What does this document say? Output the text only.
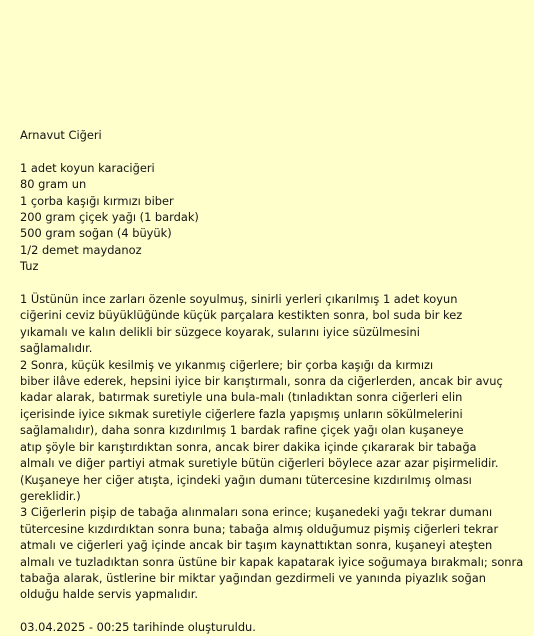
Arnavut Ciğeri
1 adet koyun karaciğeri
80 gram un
1 çorba kaşığı kırmızı biber
200 gram çiçek yağı (1 bardak)
500 gram soğan (4 büyük)
1/2 demet maydanoz
Tuz

1 Üstünün ince zarları özenle soyulmuş, sinirli yerleri çıkarılmış 1 adet koyun
ciğerini ceviz büyüklüğünde küçük parçalara kestikten sonra, bol suda bir kez
yıkamalı ve kalın delikli bir süzgece koyarak, sularını iyice süzülmesini
sağlamalıdır.

2 Sonra, küçük kesilmiş ve yıkanmış ciğerlere; bir çorba kaşığı da kırmızı
biber ilâve ederek, hepsini iyice bir karıştırmalı, sonra da ciğerlerden, ancak bir avuç
kadar alarak, batırmak suretiyle una bula-malı (tınladıktan sonra ciğerleri elin
içerisinde iyice sıkmak suretiyle ciğerlere fazla yapışmış unların sökülmelerini
sağlamalıdır), daha sonra kızdırılmış 1 bardak rafine çiçek yağı olan kuşaneye
atıp şöyle bir karıştırdıktan sonra, ancak birer dakika içinde çıkararak bir tabağa
almalı ve diğer partiyi atmak suretiyle bütün ciğerleri böylece azar azar pişirmelidir.
(Kuşaneye her ciğer atışta, içindeki yağın dumanı tütercesine kızdırılmış olması
gereklidir.)

3 Ciğerlerin pişip de tabağa alınmaları sona erince; kuşanedeki yağı tekrar dumanı
tütercesine kızdırdıktan sonra buna; tabağa almış olduğumuz pişmiş ciğerleri tekrar
atmalı ve ciğerleri yağ içinde ancak bir taşım kaynattıktan sonra, kuşaneyi ateşten
almalı ve tuzladıktan sonra üstüne bir kapak kapatarak iyice soğumaya bırakmalı; sonra
tabağa alarak, üstlerine bir miktar yağından gezdirmeli ve yanında piyazlık soğan
olduğu halde servis yapmalıdır.

03.04.2025 - 00:25 tarihinde oluşturuldu.
